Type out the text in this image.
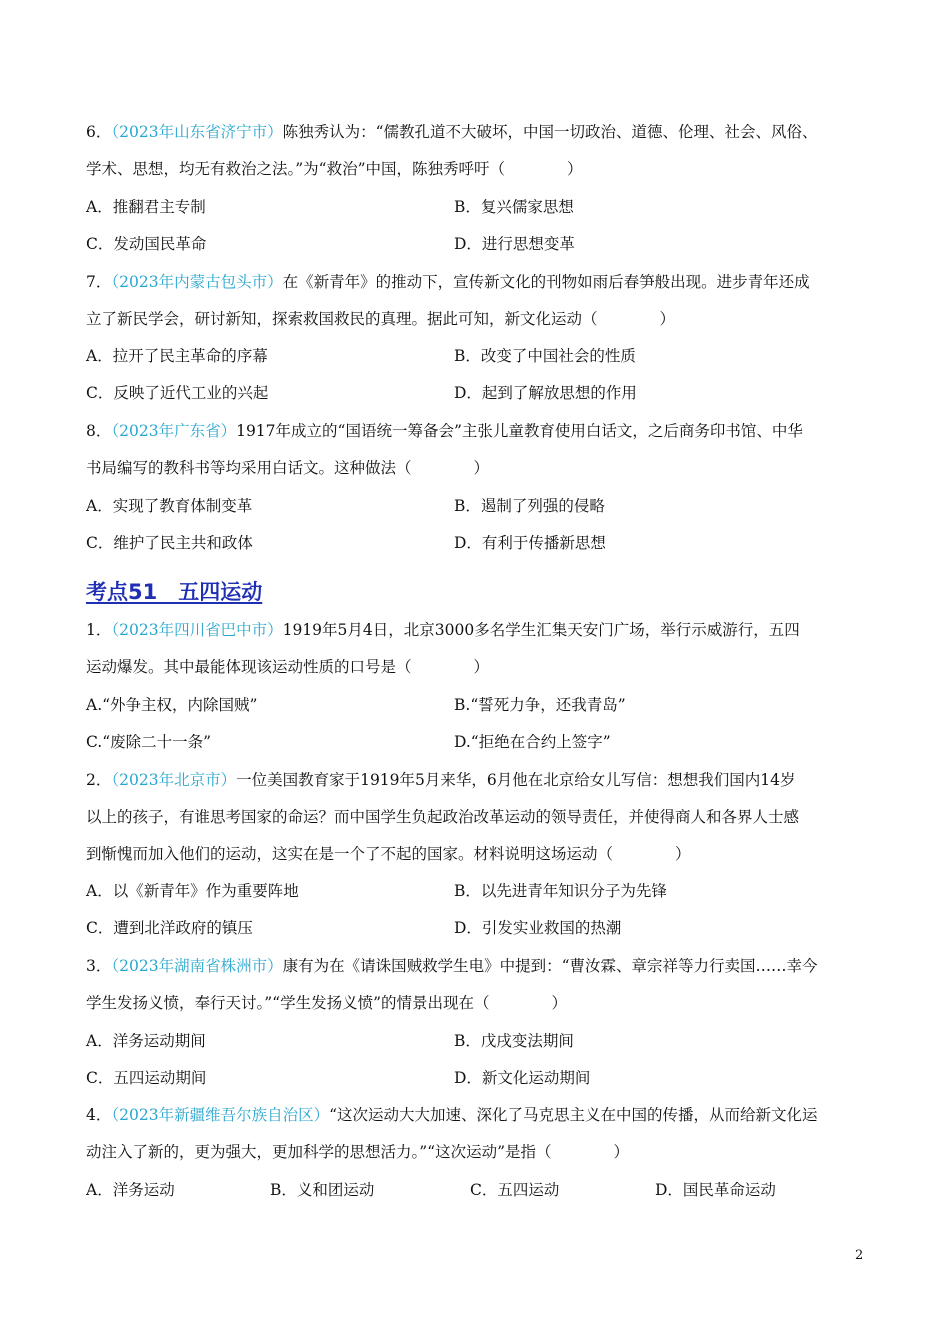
6．（2023年山东省济宁市）陈独秀认为：“儒教孔道不大破坏，中国一切政治、道德、伦理、社会、风俗、
学术、思想，均无有救治之法。”为“救治”中国，陈独秀呼吁（　　　　）
A．推翻君主专制	B．复兴儒家思想
C．发动国民革命	D．进行思想变革
7．（2023年内蒙古包头市）在《新青年》的推动下，宣传新文化的刊物如雨后春笋般出现。进步青年还成
立了新民学会，研讨新知，探索救国救民的真理。据此可知，新文化运动（　　　　）
A．拉开了民主革命的序幕	B．改变了中国社会的性质
C．反映了近代工业的兴起	D．起到了解放思想的作用
8．（2023年广东省）1917年成立的“国语统一筹备会”主张儿童教育使用白话文，之后商务印书馆、中华
书局编写的教科书等均采用白话文。这种做法（　　　　）
A．实现了教育体制变革	B．遏制了列强的侵略
C．维护了民主共和政体	D．有利于传播新思想
考点51　五四运动
1．（2023年四川省巴中市）1919年5月4日，北京3000多名学生汇集天安门广场，举行示威游行，五四
运动爆发。其中最能体现该运动性质的口号是（　　　　）
A.“外争主权，内除国贼”	B.“誓死力争，还我青岛”
C.“废除二十一条”	D.“拒绝在合约上签字”
2．（2023年北京市）一位美国教育家于1919年5月来华，6月他在北京给女儿写信：想想我们国内14岁
以上的孩子，有谁思考国家的命运？而中国学生负起政治改革运动的领导责任，并使得商人和各界人士感
到惭愧而加入他们的运动，这实在是一个了不起的国家。材料说明这场运动（　　　　）
A．以《新青年》作为重要阵地	B．以先进青年知识分子为先锋
C．遭到北洋政府的镇压	D．引发实业救国的热潮
3．（2023年湖南省株洲市）康有为在《请诛国贼救学生电》中提到：“曹汝霖、章宗祥等力行卖国……幸今
学生发扬义愤，奉行天讨。”“学生发扬义愤”的情景出现在（　　　　）
A．洋务运动期间	B．戊戌变法期间
C．五四运动期间	D．新文化运动期间
4．（2023年新疆维吾尔族自治区）“这次运动大大加速、深化了马克思主义在中国的传播，从而给新文化运
动注入了新的，更为强大，更加科学的思想活力。”“这次运动”是指（　　　　）
A．洋务运动	B．义和团运动	C．五四运动	D．国民革命运动
2
